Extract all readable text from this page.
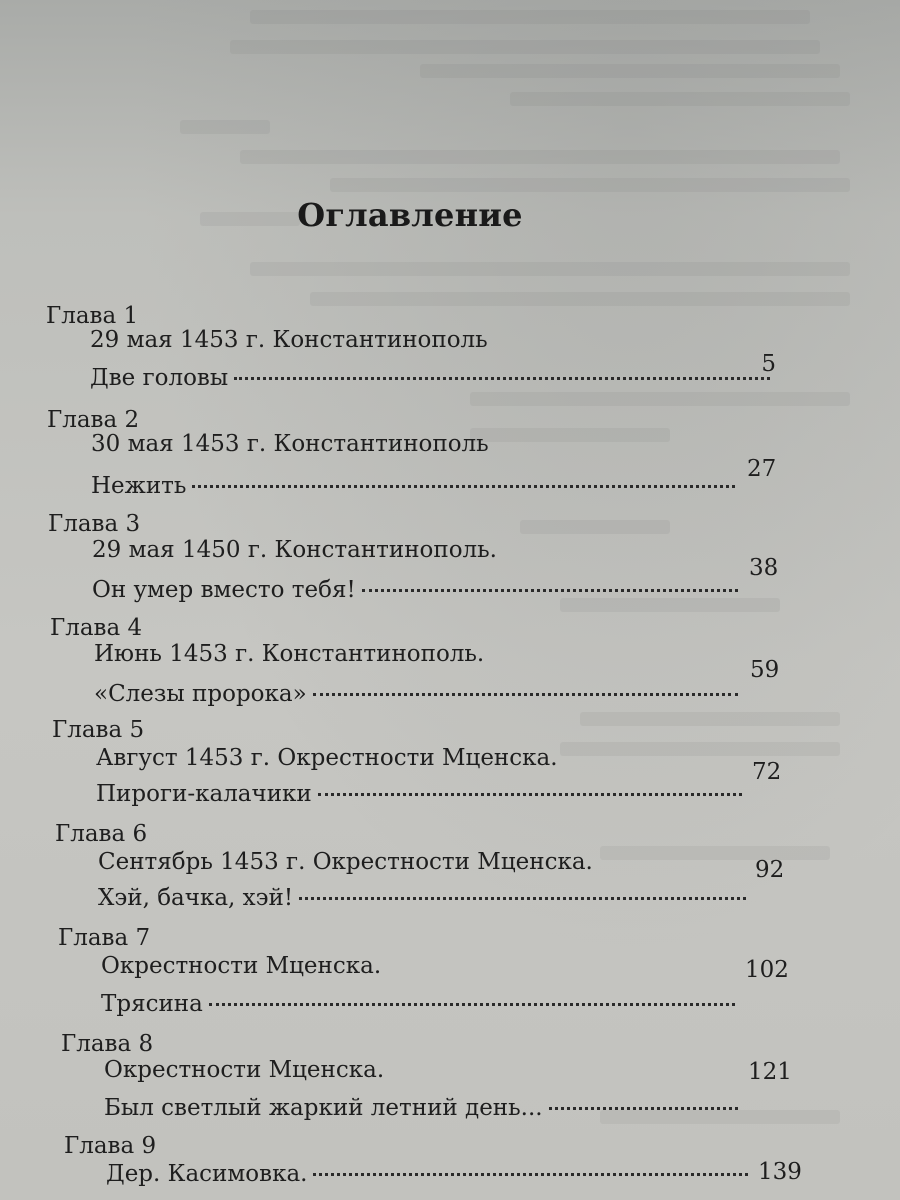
Оглавление
Глава 1
29 мая 1453 г. Константинополь
Две головы
5
Глава 2
30 мая 1453 г. Константинополь
Нежить
27
Глава 3
29 мая 1450 г. Константинополь.
Он умер вместо тебя!
38
Глава 4
Июнь 1453 г. Константинополь.
«Слезы пророка»
59
Глава 5
Август 1453 г. Окрестности Мценска.
Пироги-калачики
72
Глава 6
Сентябрь 1453 г. Окрестности Мценска.
Хэй, бачка, хэй!
92
Глава 7
Окрестности Мценска.
Трясина
102
Глава 8
Окрестности Мценска.
Был светлый жаркий летний день...
121
Глава 9
Дер. Касимовка.	139
